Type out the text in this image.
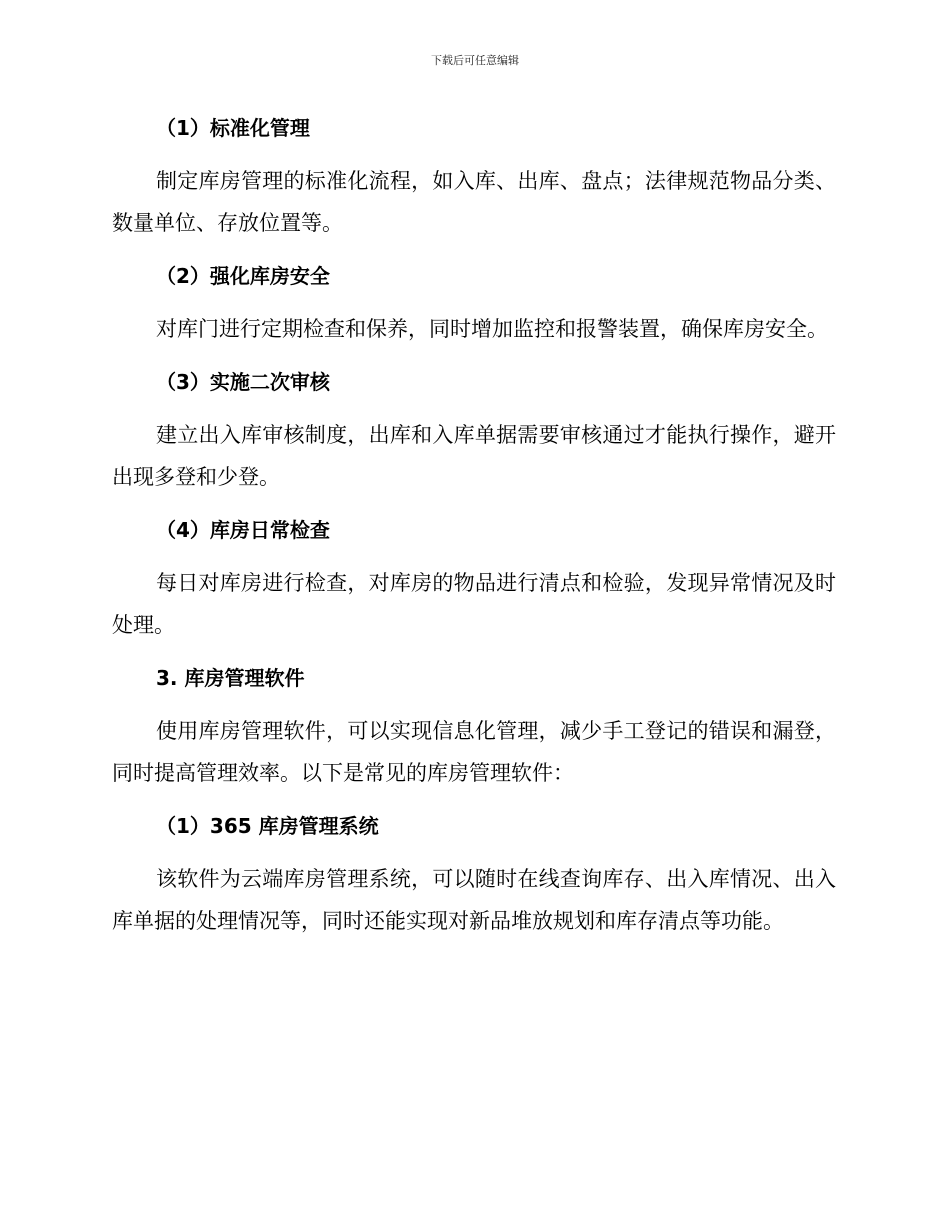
下载后可任意编辑
（1）标准化管理

制定库房管理的标准化流程，如入库、出库、盘点；法律规范物品分类、数量单位、存放位置等。

（2）强化库房安全

对库门进行定期检查和保养，同时增加监控和报警装置，确保库房安全。

（3）实施二次审核

建立出入库审核制度，出库和入库单据需要审核通过才能执行操作，避开出现多登和少登。

（4）库房日常检查

每日对库房进行检查，对库房的物品进行清点和检验，发现异常情况及时处理。

3. 库房管理软件

使用库房管理软件，可以实现信息化管理，减少手工登记的错误和漏登，同时提高管理效率。以下是常见的库房管理软件：

（1）365 库房管理系统

该软件为云端库房管理系统，可以随时在线查询库存、出入库情况、出入库单据的处理情况等，同时还能实现对新品堆放规划和库存清点等功能。
